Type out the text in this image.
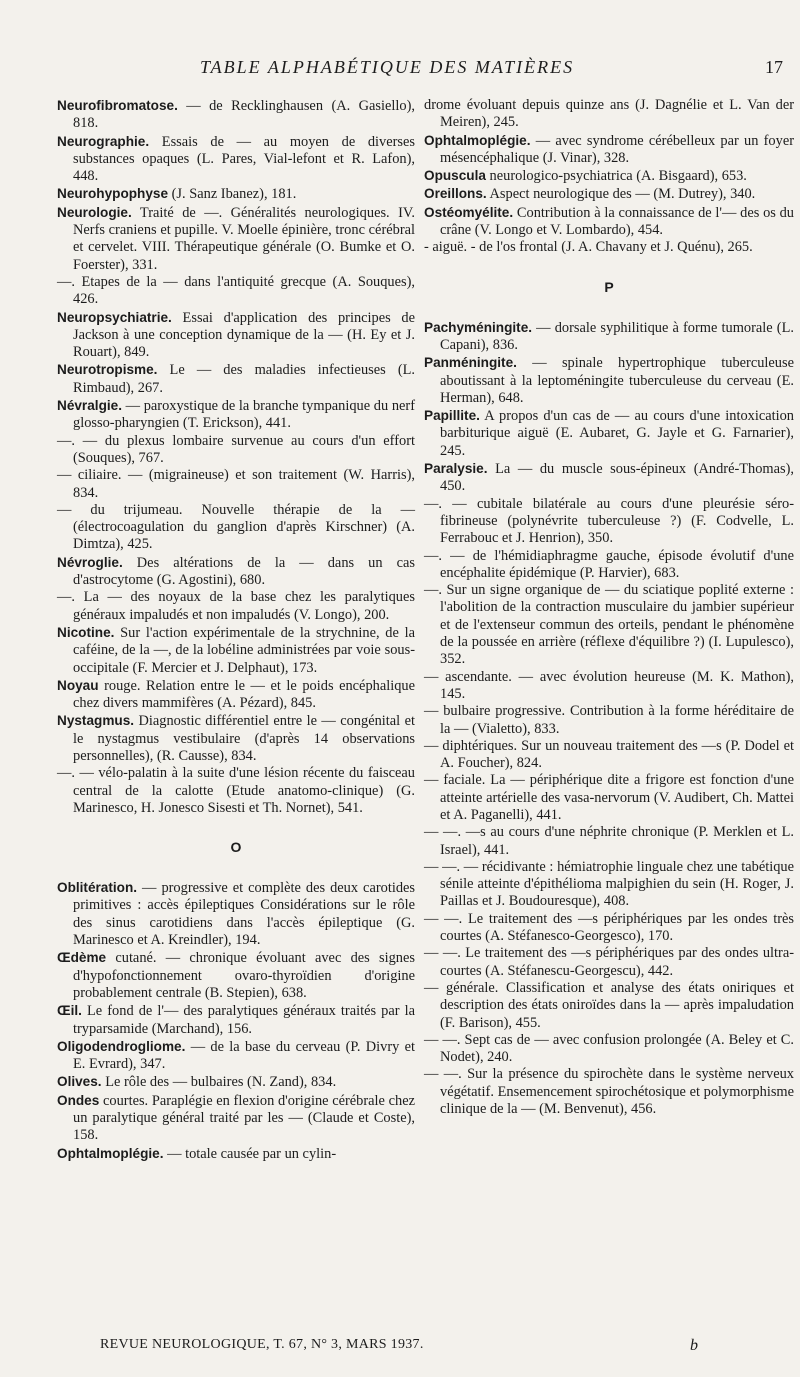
TABLE ALPHABÉTIQUE DES MATIÈRES	17

Neurofibromatose. — de Recklinghausen (A. Gasiello), 818.

Neurographie. Essais de — au moyen de diverses substances opaques (L. Pares, Vial-lefont et R. Lafon), 448.

Neurohypophyse (J. Sanz Ibanez), 181.

Neurologie. Traité de —. Généralités neurologiques. IV. Nerfs craniens et pupille. V. Moelle épinière, tronc cérébral et cervelet. VIII. Thérapeutique générale (O. Bumke et O. Foerster), 331.

—. Etapes de la — dans l'antiquité grecque (A. Souques), 426.

Neuropsychiatrie. Essai d'application des principes de Jackson à une conception dynamique de la — (H. Ey et J. Rouart), 849.

Neurotropisme. Le — des maladies infectieuses (L. Rimbaud), 267.

Névralgie. — paroxystique de la branche tympanique du nerf glosso-pharyngien (T. Erickson), 441.

—. — du plexus lombaire survenue au cours d'un effort (Souques), 767.

— ciliaire. — (migraineuse) et son traitement (W. Harris), 834.

— du trijumeau. Nouvelle thérapie de la — (électrocoagulation du ganglion d'après Kirschner) (A. Dimtza), 425.

Névroglie. Des altérations de la — dans un cas d'astrocytome (G. Agostini), 680.

—. La — des noyaux de la base chez les paralytiques généraux impaludés et non impaludés (V. Longo), 200.

Nicotine. Sur l'action expérimentale de la strychnine, de la caféine, de la —, de la lobéline administrées par voie sous-occipitale (F. Mercier et J. Delphaut), 173.

Noyau rouge. Relation entre le — et le poids encéphalique chez divers mammifères (A. Pézard), 845.

Nystagmus. Diagnostic différentiel entre le — congénital et le nystagmus vestibulaire (d'après 14 observations personnelles), (R. Causse), 834.

—. — vélo-palatin à la suite d'une lésion récente du faisceau central de la calotte (Etude anatomo-clinique) (G. Marinesco, H. Jonesco Sisesti et Th. Nornet), 541.

O

Oblitération. — progressive et complète des deux carotides primitives : accès épileptiques Considérations sur le rôle des sinus carotidiens dans l'accès épileptique (G. Marinesco et A. Kreindler), 194.

Œdème cutané. — chronique évoluant avec des signes d'hypofonctionnement ovaro-thyroïdien d'origine probablement centrale (B. Stepien), 638.

Œil. Le fond de l'— des paralytiques généraux traités par la tryparsamide (Marchand), 156.

Oligodendrogliome. — de la base du cerveau (P. Divry et E. Evrard), 347.

Olives. Le rôle des — bulbaires (N. Zand), 834.

Ondes courtes. Paraplégie en flexion d'origine cérébrale chez un paralytique général traité par les — (Claude et Coste), 158.

Ophtalmoplégie. — totale causée par un cylin-

drome évoluant depuis quinze ans (J. Dagnélie et L. Van der Meiren), 245.

Ophtalmoplégie. — avec syndrome cérébelleux par un foyer mésencéphalique (J. Vinar), 328.

Opuscula neurologico-psychiatrica (A. Bisgaard), 653.

Oreillons. Aspect neurologique des — (M. Dutrey), 340.

Ostéomyélite. Contribution à la connaissance de l'— des os du crâne (V. Longo et V. Lombardo), 454.

- aiguë. - de l'os frontal (J. A. Chavany et J. Quénu), 265.

P

Pachyméningite. — dorsale syphilitique à forme tumorale (L. Capani), 836.

Panméningite. — spinale hypertrophique tuberculeuse aboutissant à la leptoméningite tuberculeuse du cerveau (E. Herman), 648.

Papillite. A propos d'un cas de — au cours d'une intoxication barbiturique aiguë (E. Aubaret, G. Jayle et G. Farnarier), 245.

Paralysie. La — du muscle sous-épineux (André-Thomas), 450.

—. — cubitale bilatérale au cours d'une pleurésie séro-fibrineuse (polynévrite tuberculeuse ?) (F. Codvelle, L. Ferrabouc et J. Henrion), 350.

—. — de l'hémidiaphragme gauche, épisode évolutif d'une encéphalite épidémique (P. Harvier), 683.

—. Sur un signe organique de — du sciatique poplité externe : l'abolition de la contraction musculaire du jambier supérieur et de l'extenseur commun des orteils, pendant le phénomène de la poussée en arrière (réflexe d'équilibre ?) (I. Lupulesco), 352.

— ascendante. — avec évolution heureuse (M. K. Mathon), 145.

— bulbaire progressive. Contribution à la forme héréditaire de la — (Vialetto), 833.

— diphtériques. Sur un nouveau traitement des —s (P. Dodel et A. Foucher), 824.

— faciale. La — périphérique dite a frigore est fonction d'une atteinte artérielle des vasa-nervorum (V. Audibert, Ch. Mattei et A. Paganelli), 441.

— —. —s au cours d'une néphrite chronique (P. Merklen et L. Israel), 441.

— —. — récidivante : hémiatrophie linguale chez une tabétique sénile atteinte d'épithélioma malpighien du sein (H. Roger, J. Paillas et J. Boudouresque), 408.

— —. Le traitement des —s périphériques par les ondes très courtes (A. Stéfanesco-Georgesco), 170.

— —. Le traitement des —s périphériques par des ondes ultra-courtes (A. Stéfanescu-Georgescu), 442.

— générale. Classification et analyse des états oniriques et description des états oniroïdes dans la — après impaludation (F. Barison), 455.

— —. Sept cas de — avec confusion prolongée (A. Beley et C. Nodet), 240.

— —. Sur la présence du spirochète dans le système nerveux végétatif. Ensemencement spirochétosique et polymorphisme clinique de la — (M. Benvenut), 456.

REVUE NEUROLOGIQUE, T. 67, N° 3, MARS 1937.	b
